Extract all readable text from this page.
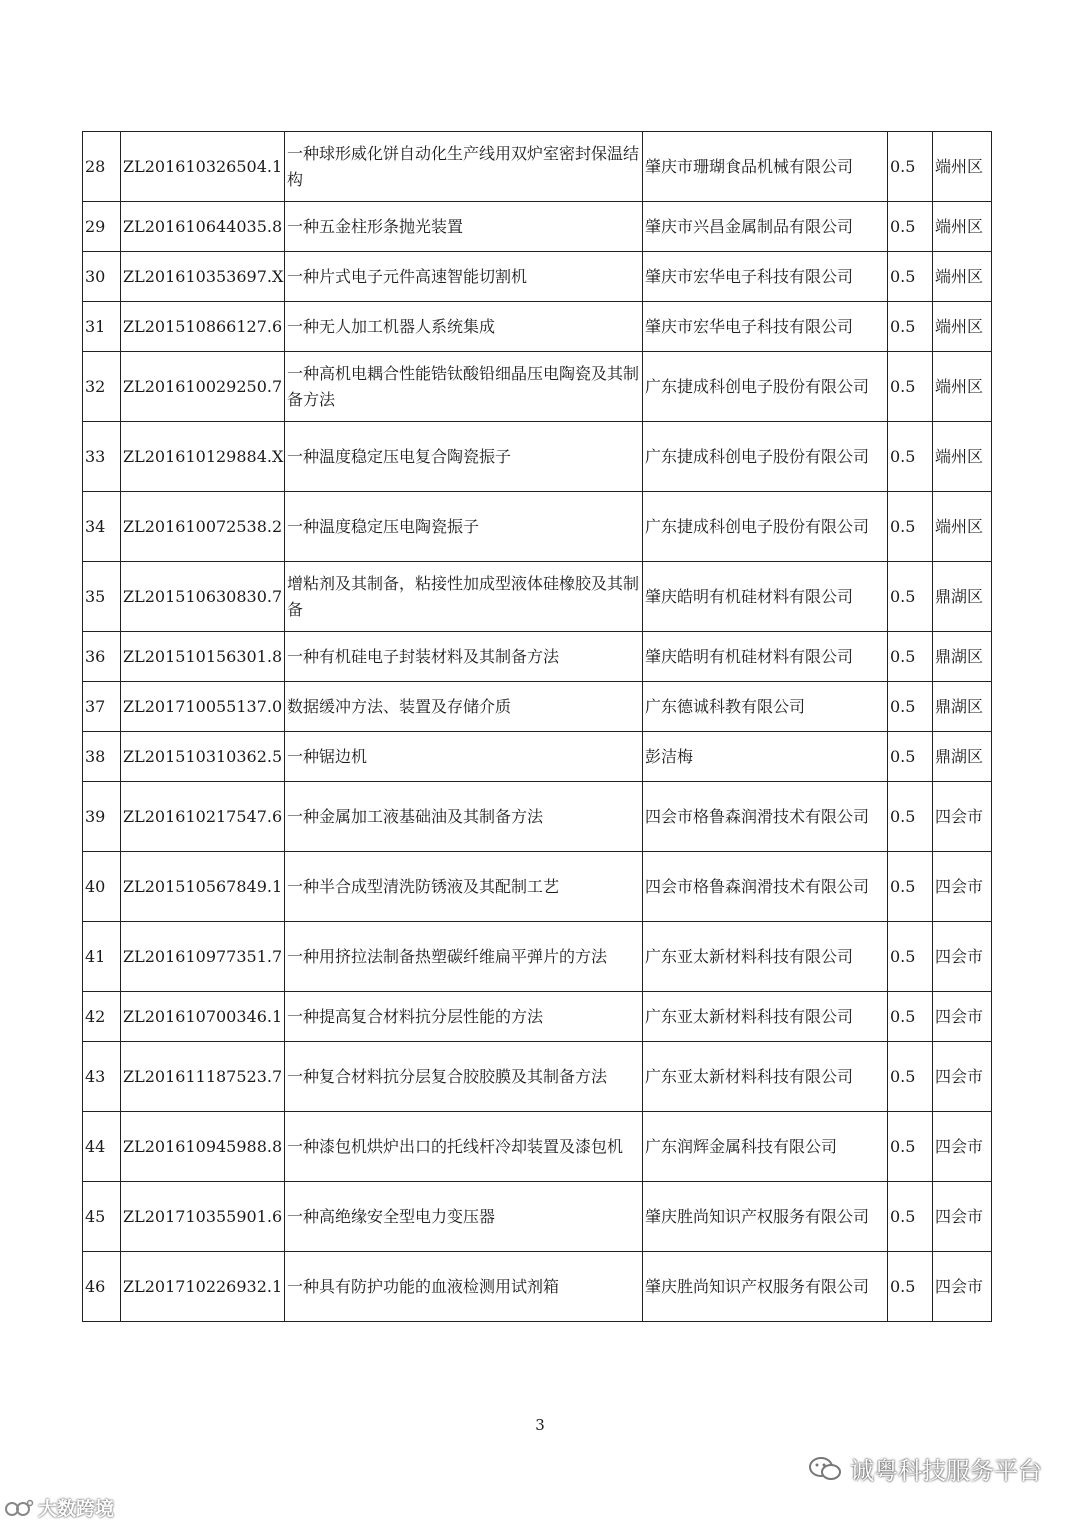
28	ZL201610326504.1	一种球形威化饼自动化生产线用双炉室密封保温结构	肇庆市珊瑚食品机械有限公司	0.5	端州区
29	ZL201610644035.8	一种五金柱形条抛光装置	肇庆市兴昌金属制品有限公司	0.5	端州区
30	ZL201610353697.X	一种片式电子元件高速智能切割机	肇庆市宏华电子科技有限公司	0.5	端州区
31	ZL201510866127.6	一种无人加工机器人系统集成	肇庆市宏华电子科技有限公司	0.5	端州区
32	ZL201610029250.7	一种高机电耦合性能锆钛酸铅细晶压电陶瓷及其制备方法	广东捷成科创电子股份有限公司	0.5	端州区
33	ZL201610129884.X	一种温度稳定压电复合陶瓷振子	广东捷成科创电子股份有限公司	0.5	端州区
34	ZL201610072538.2	一种温度稳定压电陶瓷振子	广东捷成科创电子股份有限公司	0.5	端州区
35	ZL201510630830.7	增粘剂及其制备，粘接性加成型液体硅橡胶及其制备	肇庆皓明有机硅材料有限公司	0.5	鼎湖区
36	ZL201510156301.8	一种有机硅电子封装材料及其制备方法	肇庆皓明有机硅材料有限公司	0.5	鼎湖区
37	ZL201710055137.0	数据缓冲方法、装置及存储介质	广东德诚科教有限公司	0.5	鼎湖区
38	ZL201510310362.5	一种锯边机	彭洁梅	0.5	鼎湖区
39	ZL201610217547.6	一种金属加工液基础油及其制备方法	四会市格鲁森润滑技术有限公司	0.5	四会市
40	ZL201510567849.1	一种半合成型清洗防锈液及其配制工艺	四会市格鲁森润滑技术有限公司	0.5	四会市
41	ZL201610977351.7	一种用挤拉法制备热塑碳纤维扁平弹片的方法	广东亚太新材料科技有限公司	0.5	四会市
42	ZL201610700346.1	一种提高复合材料抗分层性能的方法	广东亚太新材料科技有限公司	0.5	四会市
43	ZL201611187523.7	一种复合材料抗分层复合胶胶膜及其制备方法	广东亚太新材料科技有限公司	0.5	四会市
44	ZL201610945988.8	一种漆包机烘炉出口的托线杆冷却装置及漆包机	广东润辉金属科技有限公司	0.5	四会市
45	ZL201710355901.6	一种高绝缘安全型电力变压器	肇庆胜尚知识产权服务有限公司	0.5	四会市
46	ZL201710226932.1	一种具有防护功能的血液检测用试剂箱	肇庆胜尚知识产权服务有限公司	0.5	四会市
3
大数跨境
诚粤科技服务平台
